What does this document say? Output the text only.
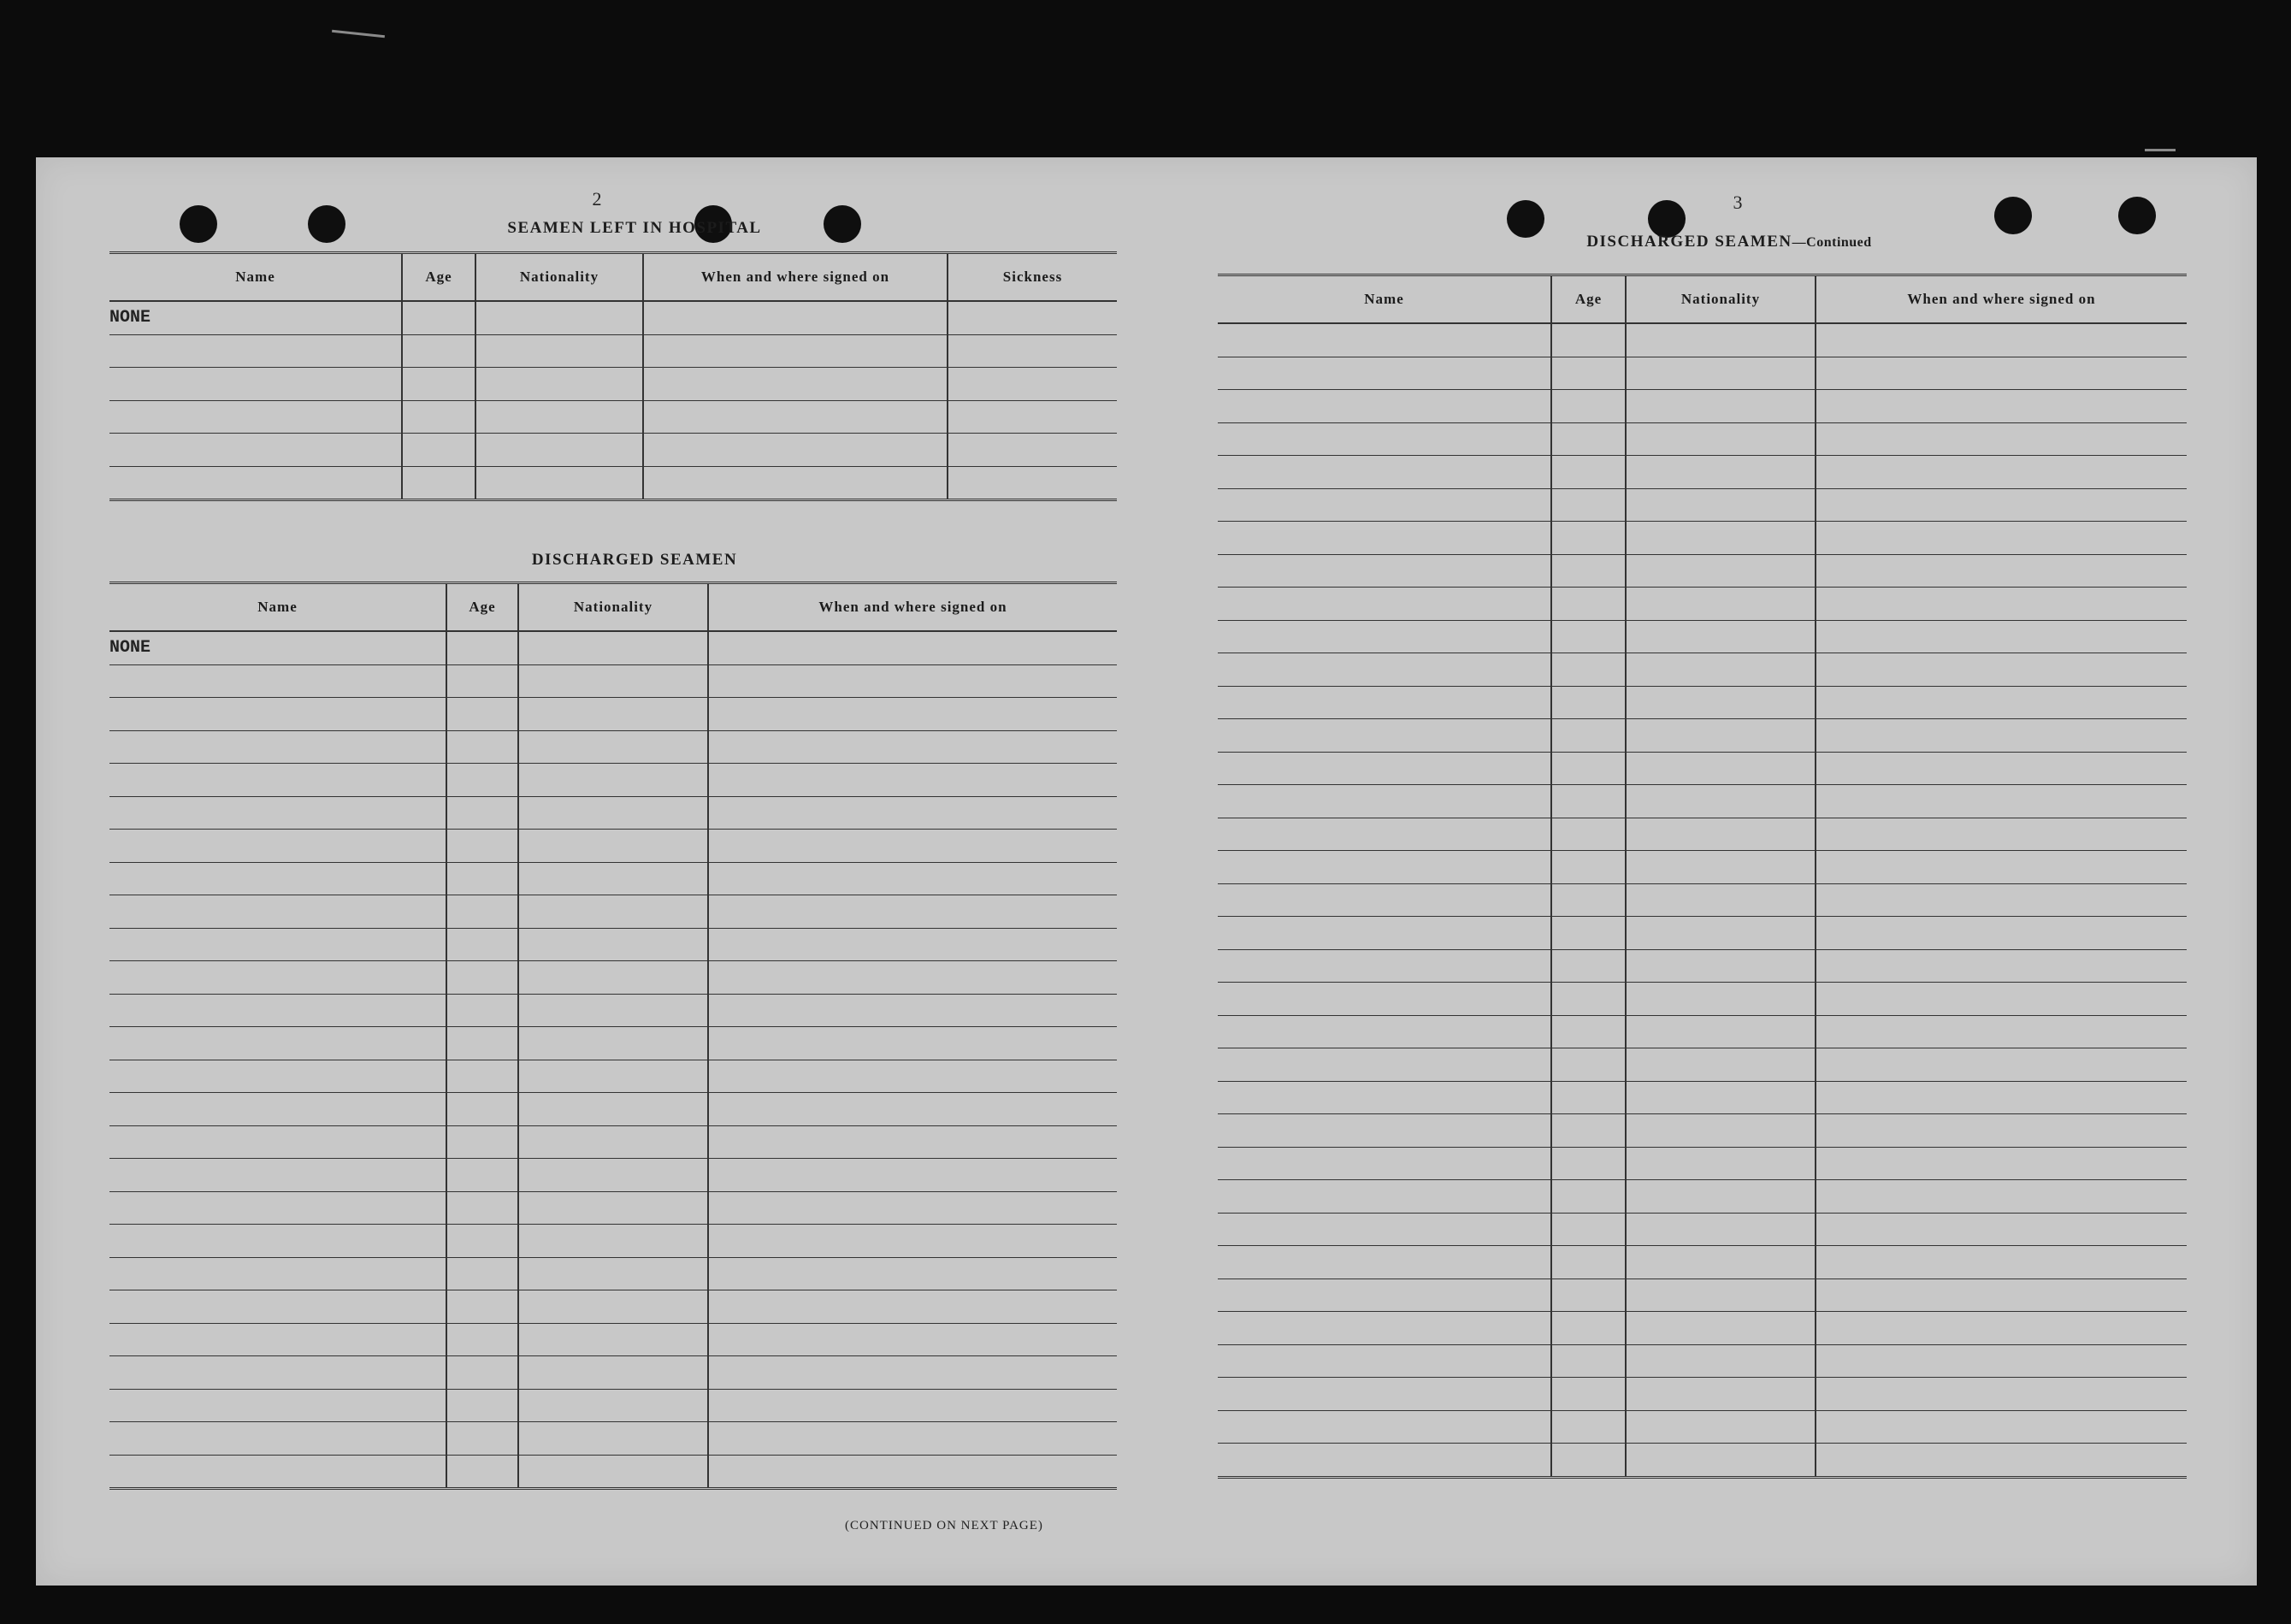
2
SEAMEN LEFT IN HOSPITAL
Name	Age	Nationality	When and where signed on	Sickness
NONE				

DISCHARGED SEAMEN
Name	Age	Nationality	When and where signed on
NONE			

(CONTINUED ON NEXT PAGE)
3
DISCHARGED SEAMEN—Continued
Name	Age	Nationality	When and where signed on
